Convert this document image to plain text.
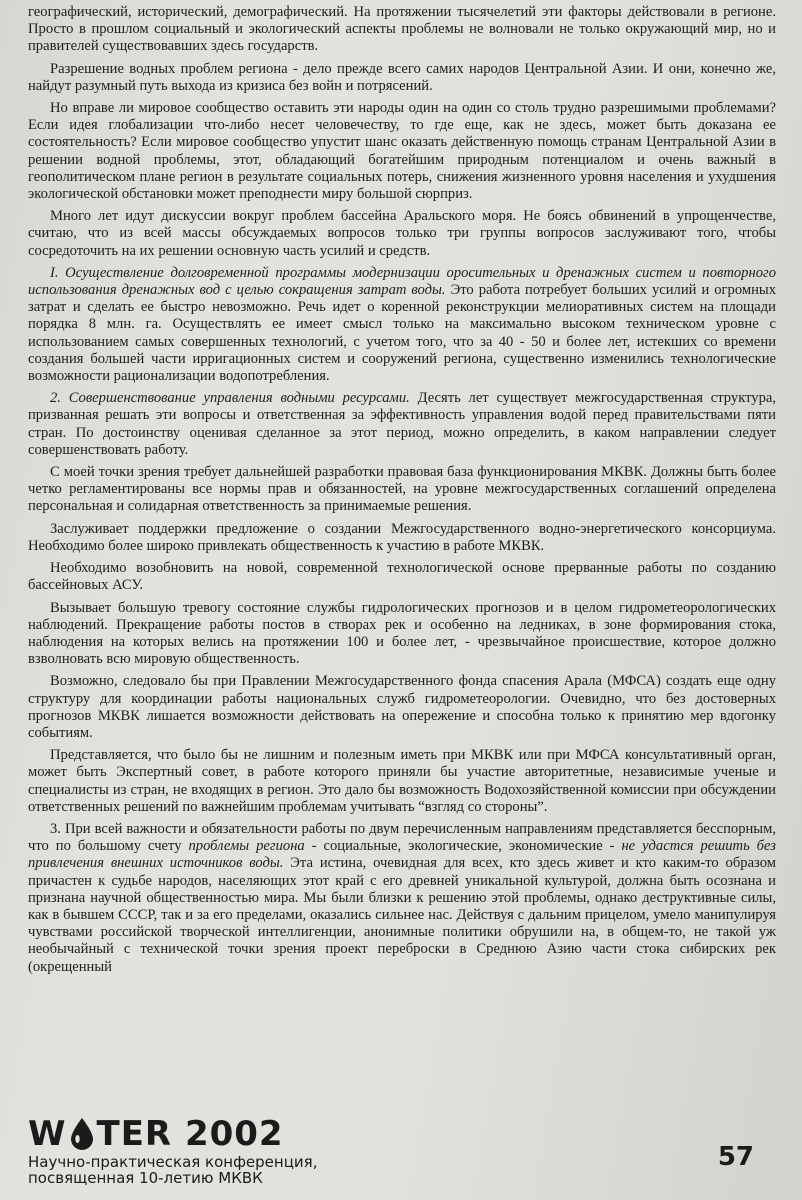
географический, исторический, демографический. На протяжении тысячелетий эти факторы действовали в регионе. Просто в прошлом социальный и экологический аспекты проблемы не волновали не только окружающий мир, но и правителей существовавших здесь государств.

Разрешение водных проблем региона - дело прежде всего самих народов Центральной Азии. И они, конечно же, найдут разумный путь выхода из кризиса без войн и потрясений.

Но вправе ли мировое сообщество оставить эти народы один на один со столь трудно разрешимыми проблемами? Если идея глобализации что-либо несет человечеству, то где еще, как не здесь, может быть доказана ее состоятельность? Если мировое сообщество упустит шанс оказать действенную помощь странам Центральной Азии в решении водной проблемы, этот, обладающий богатейшим природным потенциалом и очень важный в геополитическом плане регион в результате социальных потерь, снижения жизненного уровня населения и ухудшения экологической обстановки может преподнести миру большой сюрприз.

Много лет идут дискуссии вокруг проблем бассейна Аральского моря. Не боясь обвинений в упрощенчестве, считаю, что из всей массы обсуждаемых вопросов только три группы вопросов заслуживают того, чтобы сосредоточить на их решении основную часть усилий и средств.

І. Осуществление долговременной программы модернизации оросительных и дренажных систем и повторного использования дренажных вод с целью сокращения затрат воды. Это работа потребует больших усилий и огромных затрат и сделать ее быстро невозможно. Речь идет о коренной реконструкции мелиоративных систем на площади порядка 8 млн. га. Осуществлять ее имеет смысл только на максимально высоком техническом уровне с использованием самых совершенных технологий, с учетом того, что за 40 - 50 и более лет, истекших со времени создания большей части ирригационных систем и сооружений региона, существенно изменились технологические возможности рационализации водопотребления.

2. Совершенствование управления водными ресурсами. Десять лет существует межгосударственная структура, призванная решать эти вопросы и ответственная за эффективность управления водой перед правительствами пяти стран. По достоинству оценивая сделанное за этот период, можно определить, в каком направлении следует совершенствовать работу.

С моей точки зрения требует дальнейшей разработки правовая база функционирования МКВК. Должны быть более четко регламентированы все нормы прав и обязанностей, на уровне межгосударственных соглашений определена персональная и солидарная ответственность за принимаемые решения.

Заслуживает поддержки предложение о создании Межгосударственного водно-энергетического консорциума. Необходимо более широко привлекать общественность к участию в работе МКВК.

Необходимо возобновить на новой, современной технологической основе прерванные работы по созданию бассейновых АСУ.

Вызывает большую тревогу состояние службы гидрологических прогнозов и в целом гидрометеорологических наблюдений. Прекращение работы постов в створах рек и особенно на ледниках, в зоне формирования стока, наблюдения на которых велись на протяжении 100 и более лет, - чрезвычайное происшествие, которое должно взволновать всю мировую общественность.

Возможно, следовало бы при Правлении Межгосударственного фонда спасения Арала (МФСА) создать еще одну структуру для координации работы национальных служб гидрометеорологии. Очевидно, что без достоверных прогнозов МКВК лишается возможности действовать на опережение и способна только к принятию мер вдогонку событиям.

Представляется, что было бы не лишним и полезным иметь при МКВК или при МФСА консультативный орган, может быть Экспертный совет, в работе которого приняли бы участие авторитетные, независимые ученые и специалисты из стран, не входящих в регион. Это дало бы возможность Водохозяйственной комиссии при обсуждении ответственных решений по важнейшим проблемам учитывать “взгляд со стороны”.

3. При всей важности и обязательности работы по двум перечисленным направлениям представляется бесспорным, что по большому счету проблемы региона - социальные, экологические, экономические - не удастся решить без привлечения внешних источников воды. Эта истина, очевидная для всех, кто здесь живет и кто каким-то образом причастен к судьбе народов, населяющих этот край с его древней уникальной культурой, должна быть осознана и признана научной общественностью мира. Мы были близки к решению этой проблемы, однако деструктивные силы, как в бывшем СССР, так и за его пределами, оказались сильнее нас. Действуя с дальним прицелом, умело манипулируя чувствами российской творческой интеллигенции, анонимные политики обрушили на, в общем-то, не такой уж необычайный с технической точки зрения проект переброски в Среднюю Азию части стока сибирских рек (окрещенный

W TER 2002
Научно-практическая конференция,
посвященная 10-летию МКВК
57
